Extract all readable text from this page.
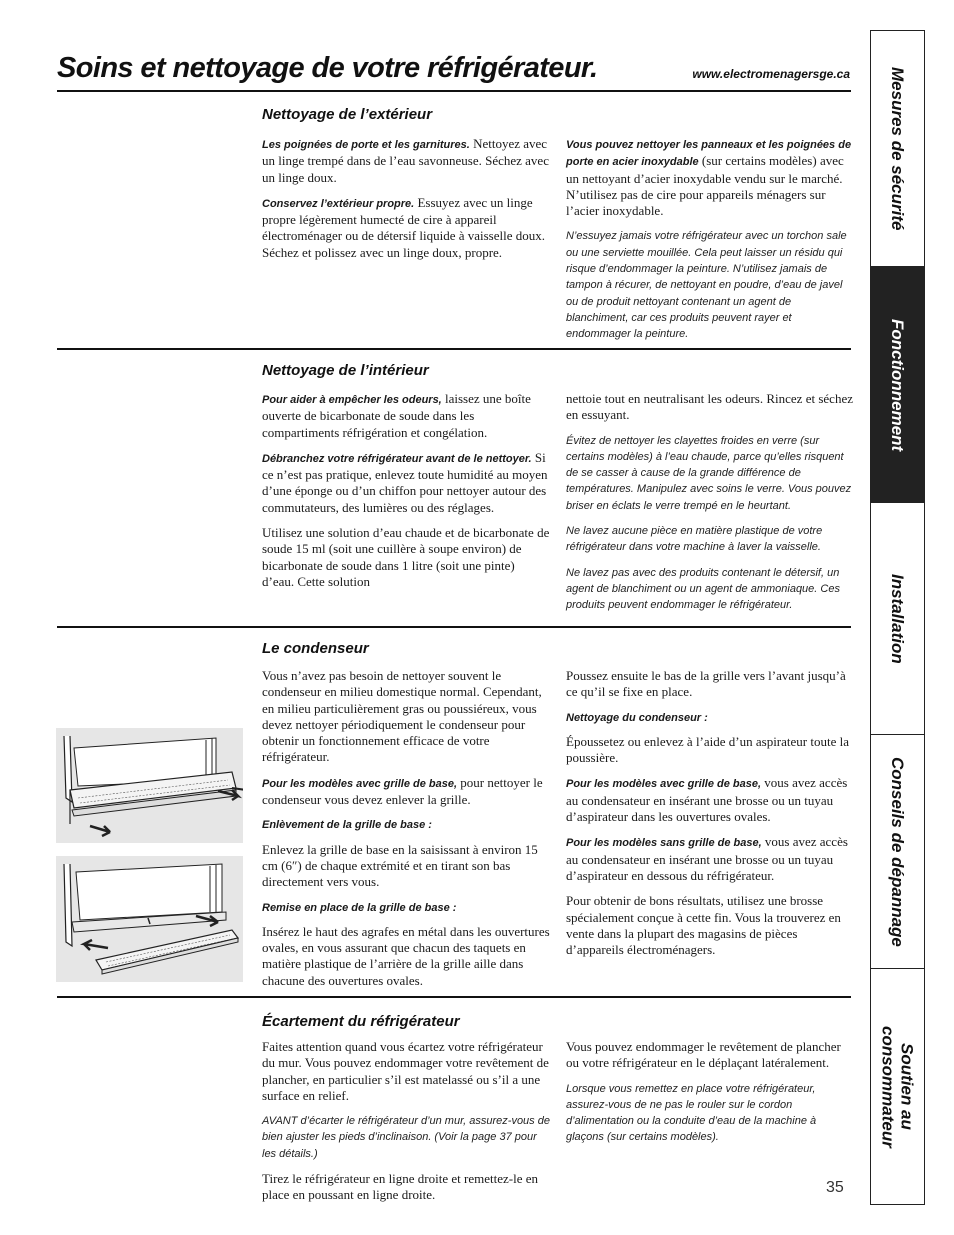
Soins et nettoyage de votre réfrigérateur.	www.electromenagersge.ca
Nettoyage de l’extérieur

Les poignées de porte et les garnitures. Nettoyez avec un linge trempé dans de l’eau savonneuse. Séchez avec un linge doux.

Conservez l’extérieur propre. Essuyez avec un linge propre légèrement humecté de cire à appareil électroménager ou de détersif liquide à vaisselle doux. Séchez et polissez avec un linge doux, propre.

Vous pouvez nettoyer les panneaux et les poignées de porte en acier inoxydable (sur certains modèles) avec un nettoyant d’acier inoxydable vendu sur le marché. N’utilisez pas de cire pour appareils ménagers sur l’acier inoxydable.

N’essuyez jamais votre réfrigérateur avec un torchon sale ou une serviette mouillée. Cela peut laisser un résidu qui risque d’endommager la peinture. N’utilisez jamais de tampon à récurer, de nettoyant en poudre, d’eau de javel ou de produit nettoyant contenant un agent de blanchiment, car ces produits peuvent rayer et endommager la peinture.

Nettoyage de l’intérieur

Pour aider à empêcher les odeurs, laissez une boîte ouverte de bicarbonate de soude dans les compartiments réfrigération et congélation.

Débranchez votre réfrigérateur avant de le nettoyer. Si ce n’est pas pratique, enlevez toute humidité au moyen d’une éponge ou d’un chiffon pour nettoyer autour des commutateurs, des lumières ou des réglages.

Utilisez une solution d’eau chaude et de bicarbonate de soude 15 ml (soit une cuillère à soupe environ) de bicarbonate de soude dans 1 litre (soit une pinte) d’eau. Cette solution

nettoie tout en neutralisant les odeurs. Rincez et séchez en essuyant.

Évitez de nettoyer les clayettes froides en verre (sur certains modèles) à l’eau chaude, parce qu’elles risquent de se casser à cause de la grande différence de températures. Manipulez avec soins le verre. Vous pouvez briser en éclats le verre trempé en le heurtant.

Ne lavez aucune pièce en matière plastique de votre réfrigérateur dans votre machine à laver la vaisselle.

Ne lavez pas avec des produits contenant le détersif, un agent de blanchiment ou un agent de ammoniaque. Ces produits peuvent endommager le réfrigérateur.

Le condenseur

Vous n’avez pas besoin de nettoyer souvent le condenseur en milieu domestique normal. Cependant, en milieu particulièrement gras ou poussiéreux, vous devez nettoyer périodiquement le condenseur pour obtenir un fonctionnement efficace de votre réfrigérateur.

Pour les modèles avec grille de base, pour nettoyer le condenseur vous devez enlever la grille.

Enlèvement de la grille de base :

Enlevez la grille de base en la saisissant à environ 15 cm (6″) de chaque extrémité et en tirant son bas directement vers vous.

Remise en place de la grille de base :

Insérez le haut des agrafes en métal dans les ouvertures ovales, en vous assurant que chacun des taquets en matière plastique de l’arrière de la grille aille dans chacune des ouvertures ovales.

Poussez ensuite le bas de la grille vers l’avant jusqu’à ce qu’il se fixe en place.

Nettoyage du condenseur :

Époussetez ou enlevez à l’aide d’un aspirateur toute la poussière.

Pour les modèles avec grille de base, vous avez accès au condensateur en insérant une brosse ou un tuyau d’aspirateur dans les ouvertures ovales.

Pour les modèles sans grille de base, vous avez accès au condensateur en insérant une brosse ou un tuyau d’aspirateur en dessous du réfrigérateur.

Pour obtenir de bons résultats, utilisez une brosse spécialement conçue à cette fin. Vous la trouverez en vente dans la plupart des magasins de pièces d’appareils électroménagers.

Écartement du réfrigérateur

Faites attention quand vous écartez votre réfrigérateur du mur. Vous pouvez endommager votre revêtement de plancher, en particulier s’il est matelassé ou s’il a une surface en relief.

AVANT d’écarter le réfrigérateur d’un mur, assurez-vous de bien ajuster les pieds d’inclinaison. (Voir la page 37 pour les détails.)

Tirez le réfrigérateur en ligne droite et remettez-le en place en poussant en ligne droite.

Vous pouvez endommager le revêtement de plancher ou votre réfrigérateur en le déplaçant latéralement.

Lorsque vous remettez en place votre réfrigérateur, assurez-vous de ne pas le rouler sur le cordon d’alimentation ou la conduite d’eau de la machine à glaçons (sur certains modèles).

35
Mesures de sécurité
Fonctionnement
Installation
Conseils de dépannage
Soutien au consommateur
